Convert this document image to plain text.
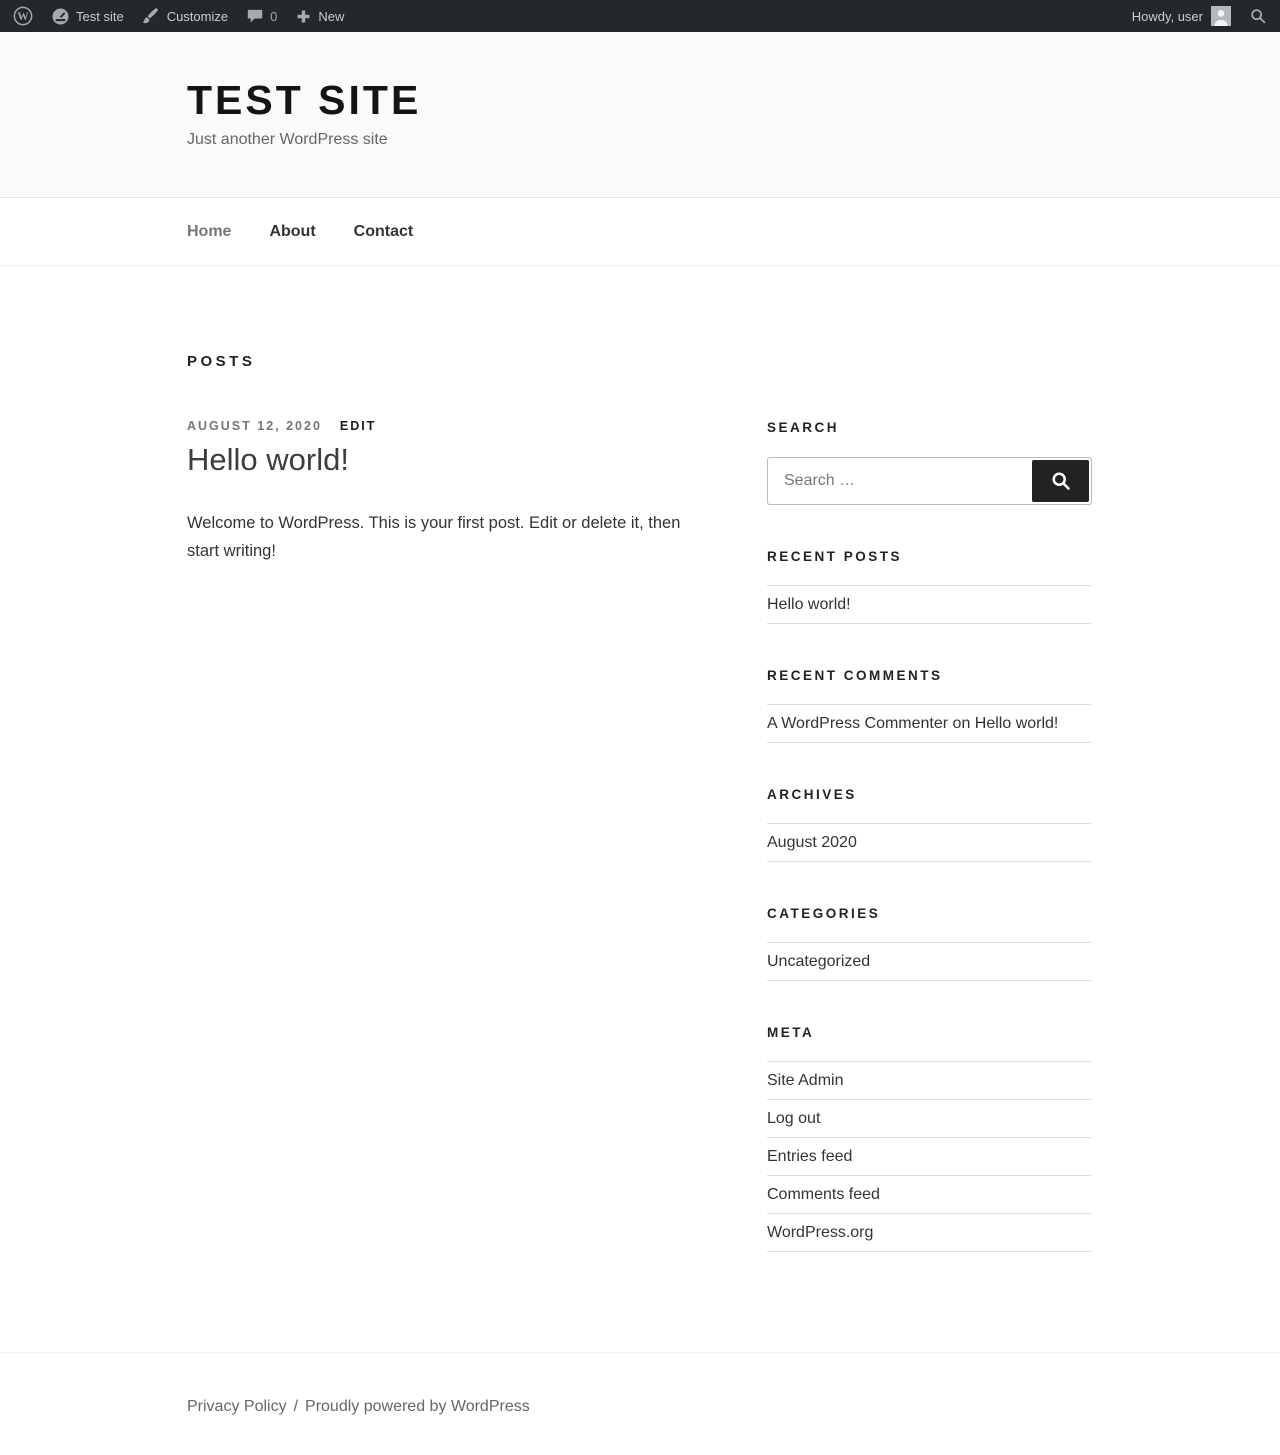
W	Test site	Customize	0	New	Howdy, user
TEST SITE

Just another WordPress site

Home About Contact
POSTS
AUGUST 12, 2020 EDIT
Hello world!

Welcome to WordPress. This is your first post. Edit or delete it, then start writing!

SEARCH
Search …
RECENT POSTS
Hello world!
RECENT COMMENTS
A WordPress Commenter on Hello world!
ARCHIVES
August 2020
CATEGORIES
Uncategorized
META
Site Admin
Log out
Entries feed
Comments feed
WordPress.org
Privacy Policy / Proudly powered by WordPress
